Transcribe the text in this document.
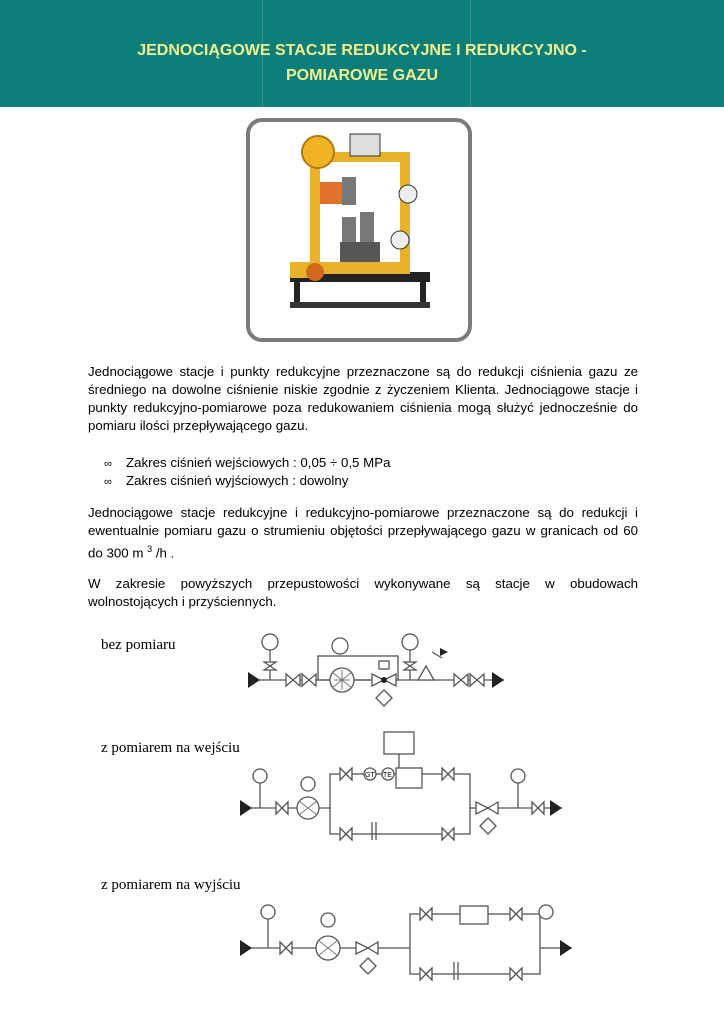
JEDNOCIĄGOWE STACJE REDUKCYJNE I REDUKCYJNO -
POMIAROWE GAZU
Jednociągowe stacje i punkty redukcyjne przeznaczone są do redukcji ciśnienia gazu ze średniego na dowolne ciśnienie niskie zgodnie z życzeniem Klienta. Jednociągowe stacje i punkty redukcyjno-pomiarowe poza redukowaniem ciśnienia mogą służyć jednocześnie do pomiaru ilości przepływającego gazu.
∞ Zakres ciśnień wejściowych : 0,05 ÷ 0,5 MPa
∞ Zakres ciśnień wyjściowych : dowolny
Jednociągowe stacje redukcyjne i redukcyjno-pomiarowe przeznaczone są do redukcji i ewentualnie pomiaru gazu o strumieniu objętości przepływającego gazu w granicach od 60 do 300 m $^3$ /h .
W zakresie powyższych przepustowości wykonywane są stacje w obudowach wolnostojących i przyściennych.
bez pomiaru
z pomiarem na wejściu
GT TE
z pomiarem na wyjściu
